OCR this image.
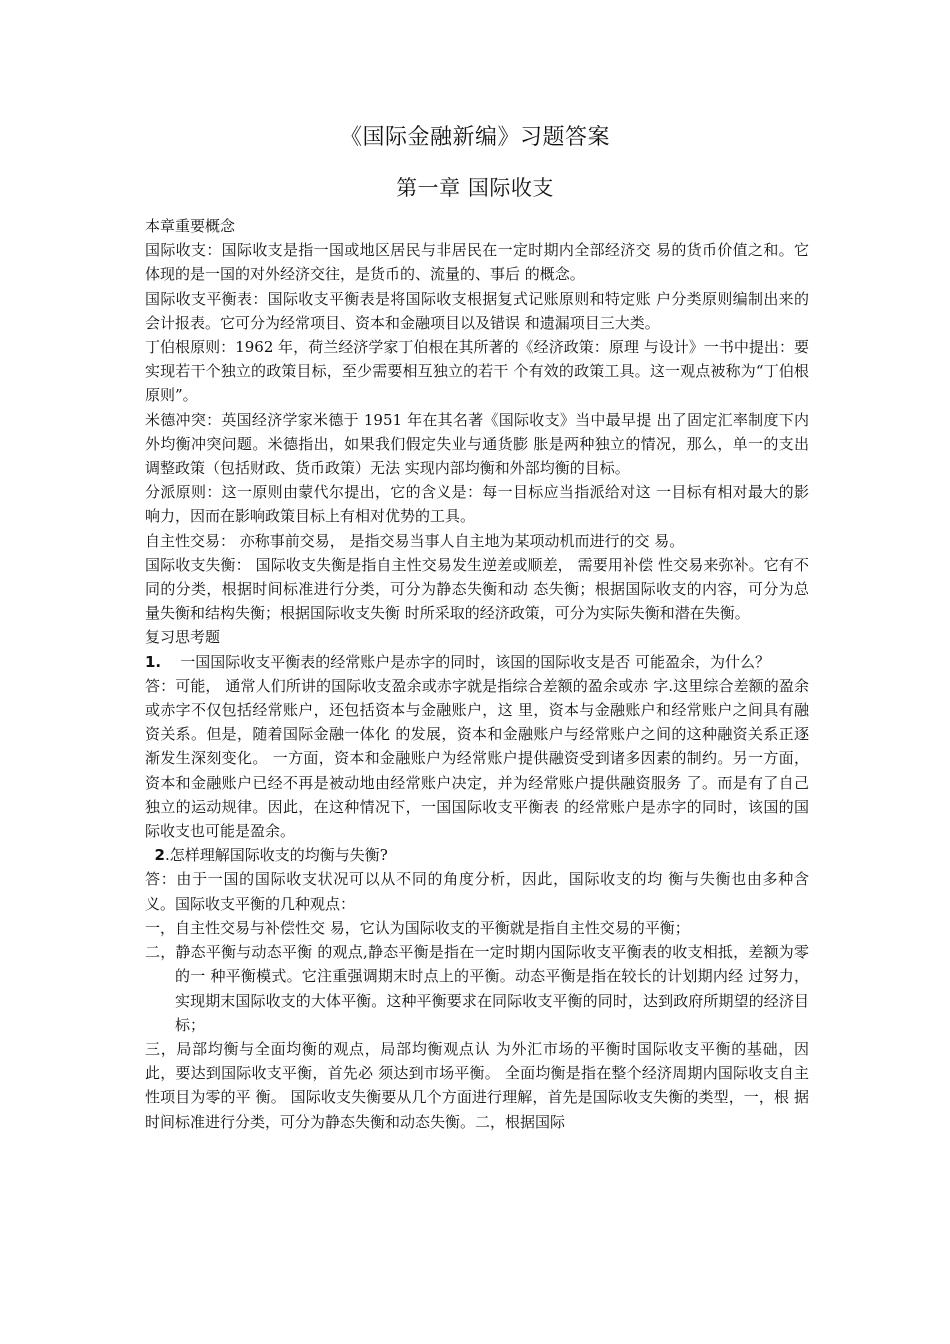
《国际金融新编》习题答案
第一章 国际收支

本章重要概念

国际收支：国际收支是指一国或地区居民与非居民在一定时期内全部经济交 易的货币价值之和。它体现的是一国的对外经济交往，是货币的、流量的、事后 的概念。

国际收支平衡表：国际收支平衡表是将国际收支根据复式记账原则和特定账 户分类原则编制出来的会计报表。它可分为经常项目、资本和金融项目以及错误 和遗漏项目三大类。

丁伯根原则：1962 年，荷兰经济学家丁伯根在其所著的《经济政策：原理 与设计》一书中提出：要实现若干个独立的政策目标，至少需要相互独立的若干 个有效的政策工具。这一观点被称为“丁伯根原则”。

米德冲突：英国经济学家米德于 1951 年在其名著《国际收支》当中最早提 出了固定汇率制度下内外均衡冲突问题。米德指出，如果我们假定失业与通货膨 胀是两种独立的情况，那么，单一的支出调整政策（包括财政、货币政策）无法 实现内部均衡和外部均衡的目标。

分派原则：这一原则由蒙代尔提出，它的含义是：每一目标应当指派给对这 一目标有相对最大的影响力，因而在影响政策目标上有相对优势的工具。

自主性交易： 亦称事前交易， 是指交易当事人自主地为某项动机而进行的交 易。

国际收支失衡： 国际收支失衡是指自主性交易发生逆差或顺差， 需要用补偿 性交易来弥补。它有不同的分类，根据时间标准进行分类，可分为静态失衡和动 态失衡；根据国际收支的内容，可分为总量失衡和结构失衡；根据国际收支失衡 时所采取的经济政策，可分为实际失衡和潜在失衡。

复习思考题

1. 一国国际收支平衡表的经常账户是赤字的同时，该国的国际收支是否 可能盈余，为什么？

答：可能， 通常人们所讲的国际收支盈余或赤字就是指综合差额的盈余或赤 字.这里综合差额的盈余或赤字不仅包括经常账户，还包括资本与金融账户，这 里，资本与金融账户和经常账户之间具有融资关系。但是，随着国际金融一体化 的发展，资本和金融账户与经常账户之间的这种融资关系正逐渐发生深刻变化。 一方面，资本和金融账户为经常账户提供融资受到诸多因素的制约。另一方面，资本和金融账户已经不再是被动地由经常账户决定，并为经常账户提供融资服务 了。而是有了自己独立的运动规律。因此，在这种情况下，一国国际收支平衡表 的经常账户是赤字的同时，该国的国际收支也可能是盈余。

2.怎样理解国际收支的均衡与失衡?

答：由于一国的国际收支状况可以从不同的角度分析，因此，国际收支的均 衡与失衡也由多种含义。国际收支平衡的几种观点：

一，自主性交易与补偿性交 易，它认为国际收支的平衡就是指自主性交易的平衡；

二，静态平衡与动态平衡 的观点,静态平衡是指在一定时期内国际收支平衡表的收支相抵，差额为零的一 种平衡模式。它注重强调期末时点上的平衡。动态平衡是指在较长的计划期内经 过努力，实现期末国际收支的大体平衡。这种平衡要求在同际收支平衡的同时，达到政府所期望的经济目标；

三，局部均衡与全面均衡的观点，局部均衡观点认 为外汇市场的平衡时国际收支平衡的基础，因此，要达到国际收支平衡，首先必 须达到市场平衡。 全面均衡是指在整个经济周期内国际收支自主性项目为零的平 衡。 国际收支失衡要从几个方面进行理解，首先是国际收支失衡的类型，一，根 据时间标准进行分类，可分为静态失衡和动态失衡。二，根据国际
